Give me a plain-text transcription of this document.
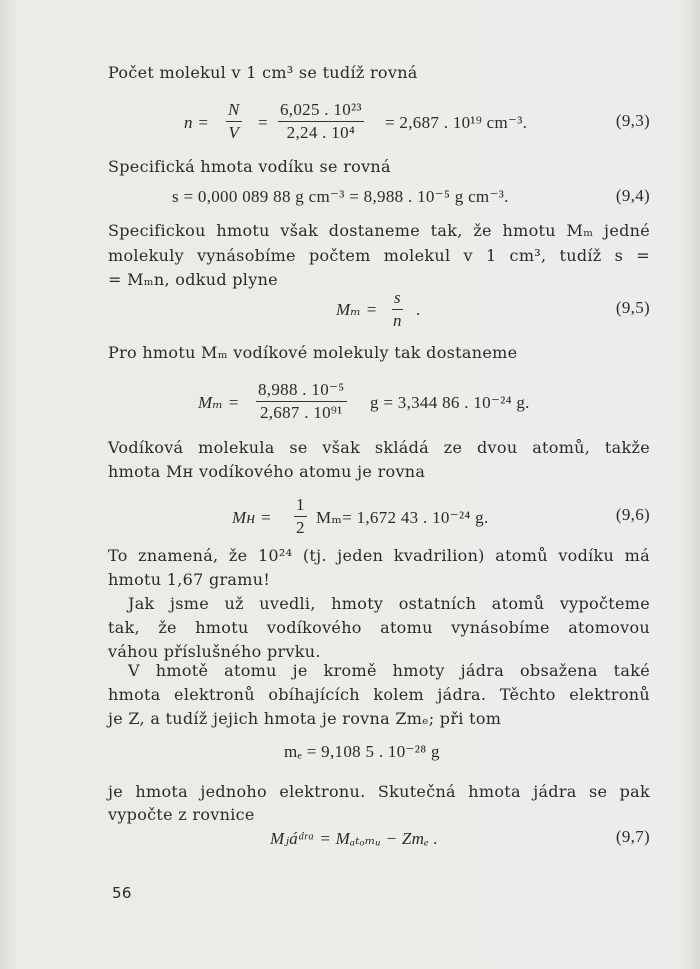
Počet molekul v 1 cm³ se tudíž rovná
$n = \frac{N}{V} = \frac{\text{6,025 . 10²³}}{\text{2,24 . 10⁴}} = 2,687$ . 10¹⁹ cm⁻³.	(9,3)
Specifická hmota vodíku se rovná
s = 0,000 089 88 g cm⁻³ = 8,988 . 10⁻⁵ g cm⁻³.	(9,4)
Specifickou hmotu však dostaneme tak, že hmotu Mₘ jedné
molekuly vynásobíme počtem molekul v 1 cm³, tudíž s =
= Mₘn, odkud plyne
$M_m = \frac{s}{n}$ .	(9,5)
Pro hmotu Mₘ vodíkové molekuly tak dostaneme
$M_m = \frac{\text{8,988 . 10⁻⁵}}{\text{2,687 . 10⁹¹}}$ g = 3,344 86 . 10⁻²⁴ g.
Vodíková molekula se však skládá ze dvou atomů, takže
hmota Mʜ vodíkového atomu je rovna
Mʜ = $\frac{1}{2} M_m= 1,672$ 43 . 10⁻²⁴ g.	(9,6)
To znamená, že 10²⁴ (tj. jeden kvadrilion) atomů vodíku má
hmotu 1,67 gramu!
Jak jsme už uvedli, hmoty ostatních atomů vypočteme
tak, že hmotu vodíkového atomu vynásobíme atomovou
váhou příslušného prvku.
V hmotě atomu je kromě hmoty jádra obsažena také
hmota elektronů obíhajících kolem jádra. Těchto elektronů
je Z, a tudíž jejich hmota je rovna Zmₑ; při tom
mₑ = 9,108 5 . 10⁻²⁸ g
je hmota jednoho elektronu. Skutečná hmota jádra se pak
vypočte z rovnice
Mⱼáᵈʳᵃ = Mₐₜₒₘᵤ − Zmₑ .	(9,7)
56
